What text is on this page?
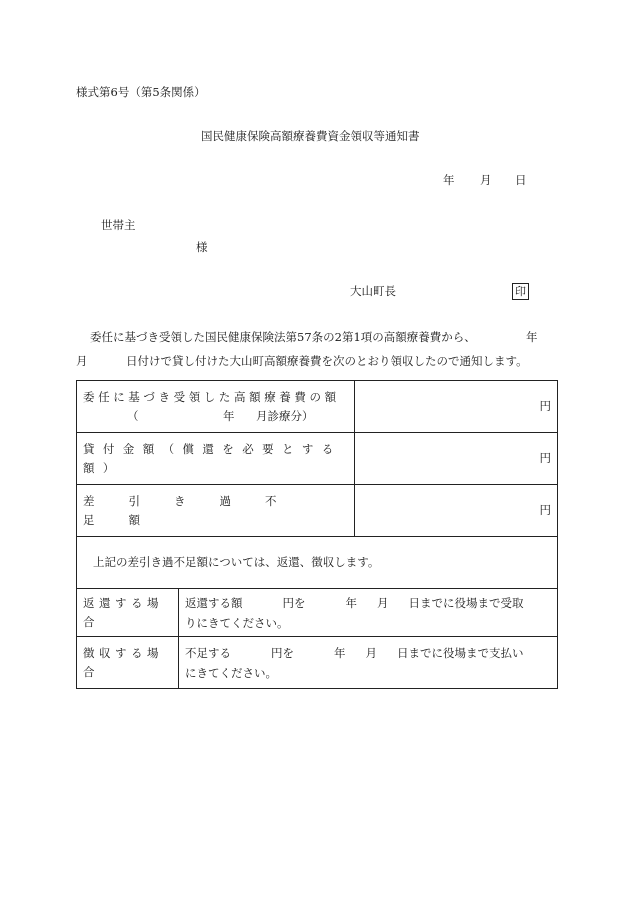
様式第6号（第5条関係）
国民健康保険高額療養費資金領収等通知書
年 月 日
世帯主
様
大山町長	印
委任に基づき受領した国民健康保険法第57条の2第1項の高額療養費から、	年
月	日付けで貸し付けた大山町高額療養費を次のとおり領収したので通知します。
委任に基づき受領した高額療養費の額
（ 年 月診療分）		円

貸付金額（償還を必要とする額）		円

差引き過不足額		円
上記の差引き過不足額については、返還、徴収します。		
返還する場合	返還する額 円を 年 月 日までに役場まで受取
りにきてください。	

徴収する場合	不足する 円を 年 月 日までに役場まで支払い
にきてください。	
